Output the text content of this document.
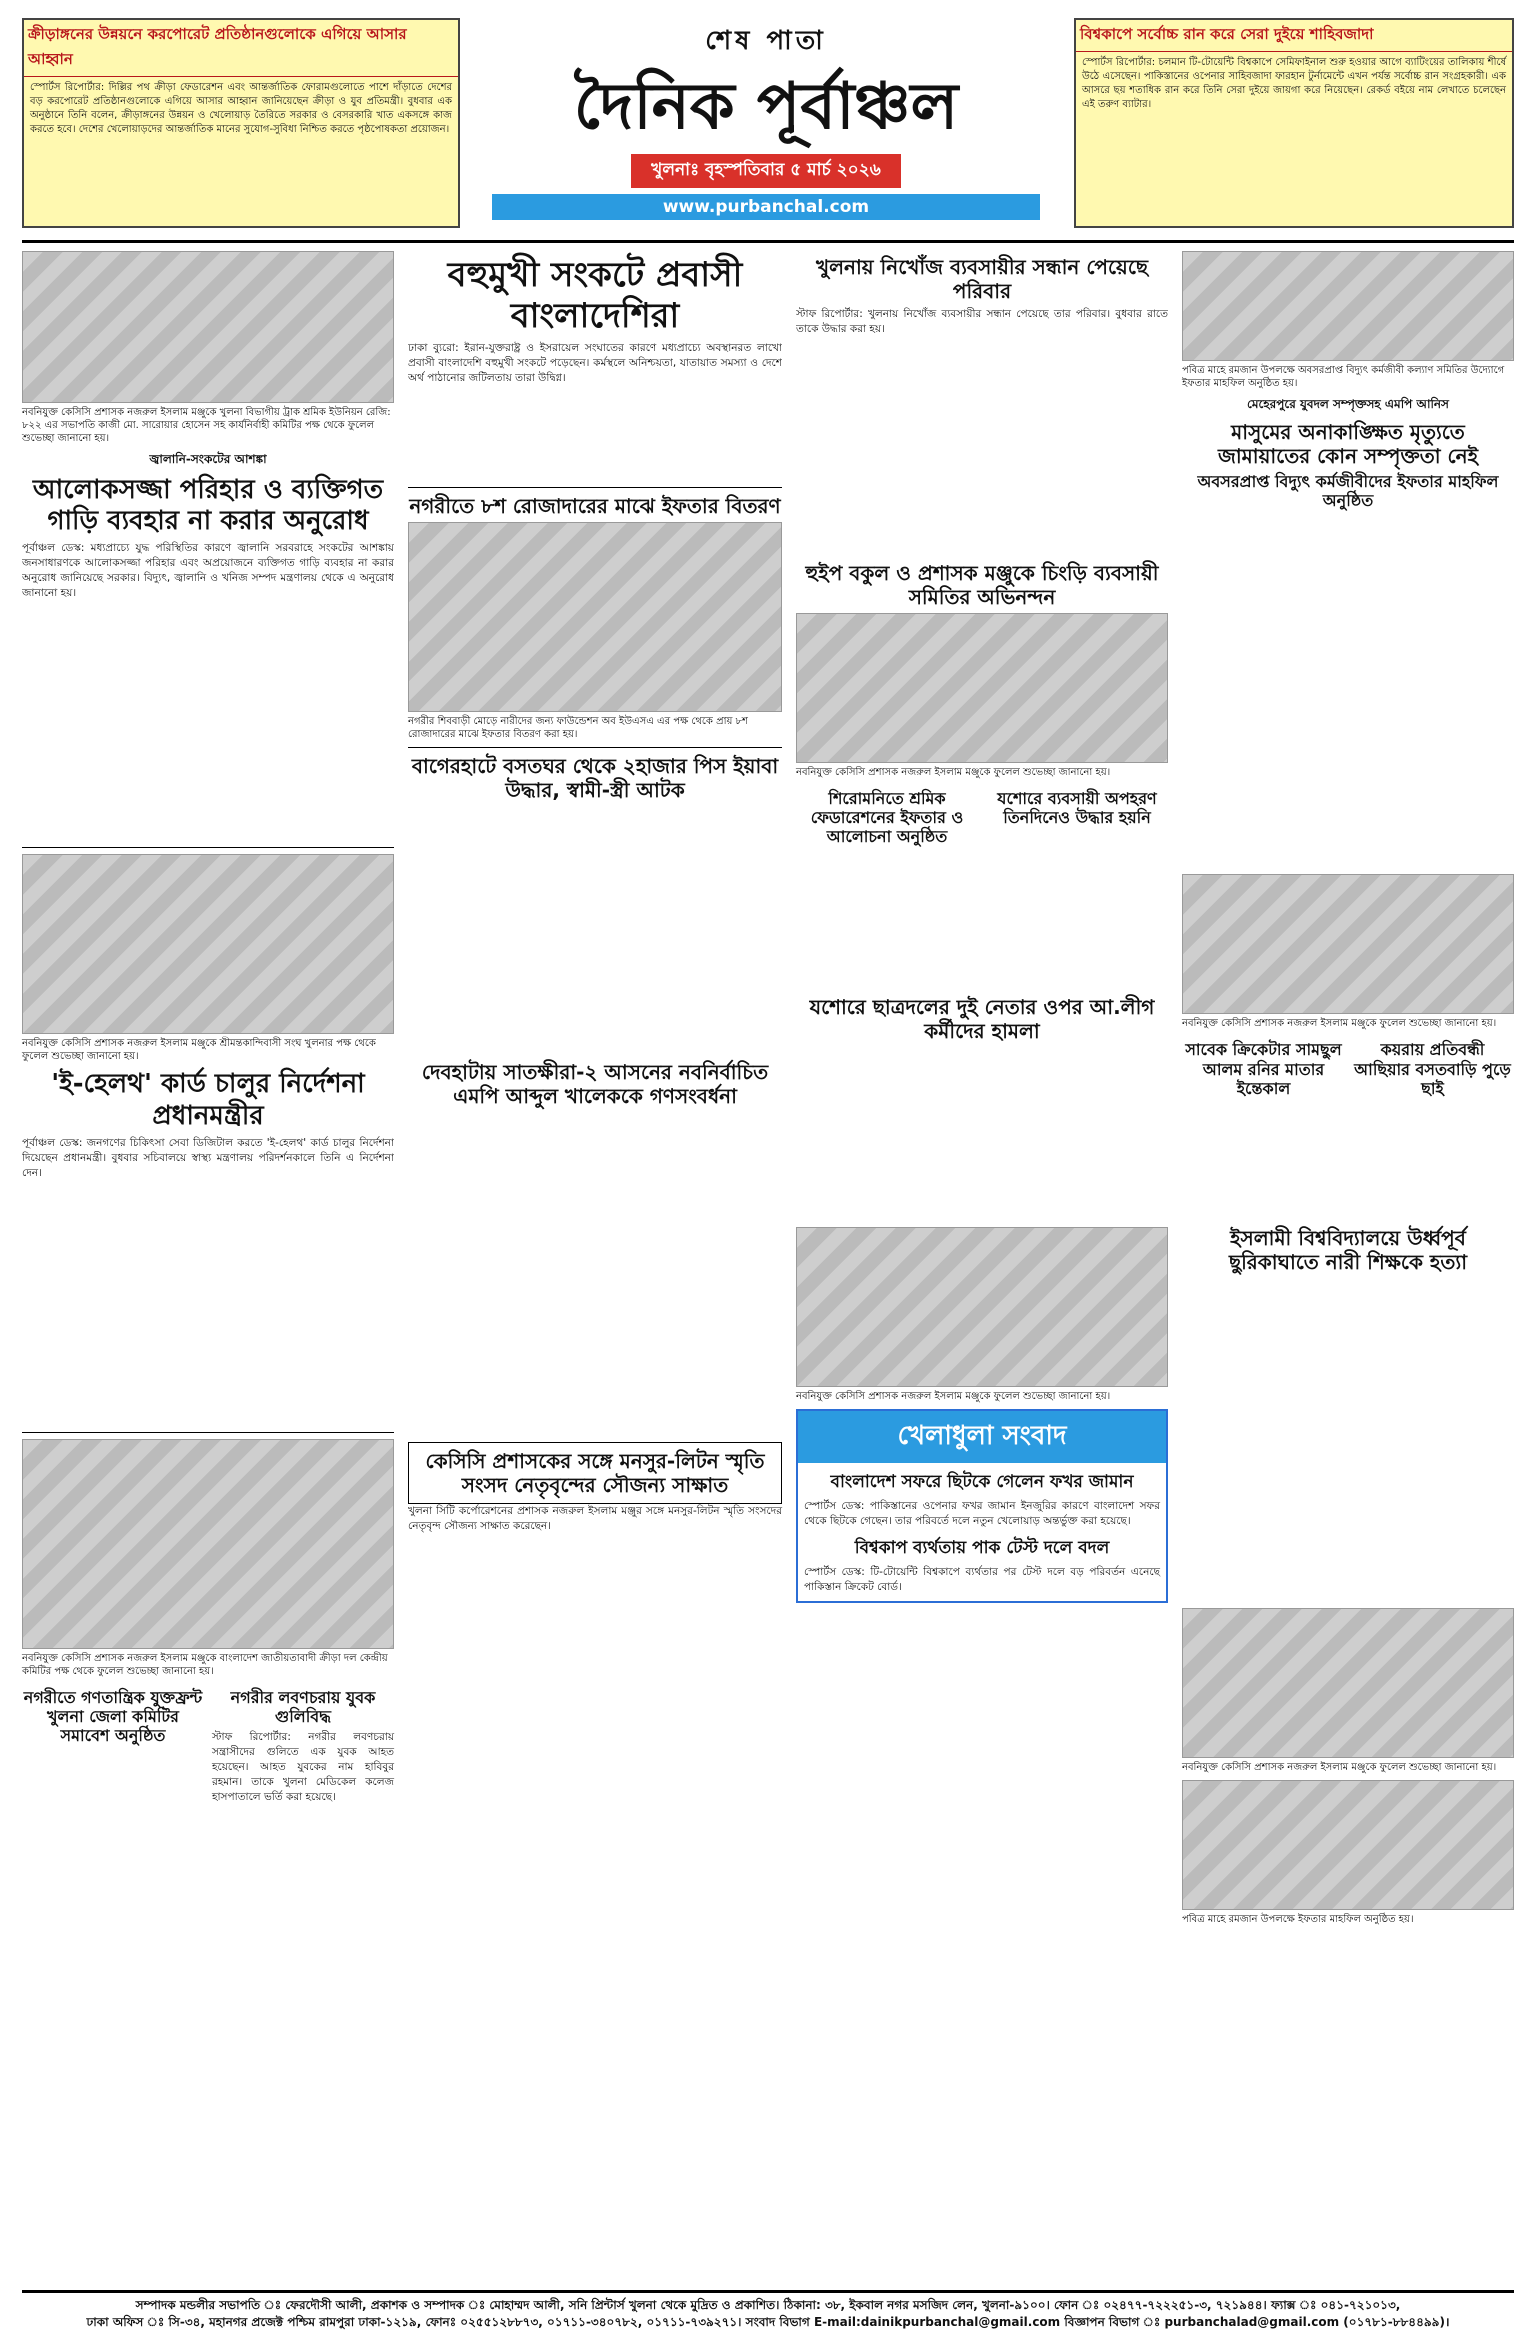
ক্রীড়াঙ্গনের উন্নয়নে করপোরেট প্রতিষ্ঠানগুলোকে এগিয়ে আসার আহ্বান
স্পোর্টস রিপোর্টার: দিল্লির পথ ক্রীড়া ফেডারেশন এবং আন্তর্জাতিক ফোরামগুলোতে পাশে দাঁড়াতে দেশের বড় করপোরেট প্রতিষ্ঠানগুলোকে এগিয়ে আসার আহ্বান জানিয়েছেন ক্রীড়া ও যুব প্রতিমন্ত্রী। বুধবার এক অনুষ্ঠানে তিনি বলেন, ক্রীড়াঙ্গনের উন্নয়ন ও খেলোয়াড় তৈরিতে সরকার ও বেসরকারি খাত একসঙ্গে কাজ করতে হবে। দেশের খেলোয়াড়দের আন্তর্জাতিক মানের সুযোগ-সুবিধা নিশ্চিত করতে পৃষ্ঠপোষকতা প্রয়োজন।
শেষ পাতা
দৈনিক পূর্বাঞ্চল
খুলনাঃ বৃহস্পতিবার ৫ মার্চ ২০২৬
www.purbanchal.com
বিশ্বকাপে সর্বোচ্চ রান করে সেরা দুইয়ে শাহিবজাদা
স্পোর্টস রিপোর্টার: চলমান টি-টোয়েন্টি বিশ্বকাপে সেমিফাইনাল শুরু হওয়ার আগে ব্যাটিংয়ের তালিকায় শীর্ষে উঠে এসেছেন। পাকিস্তানের ওপেনার সাহিবজাদা ফারহান টুর্নামেন্টে এখন পর্যন্ত সর্বোচ্চ রান সংগ্রহকারী। এক আসরে ছয় শতাধিক রান করে তিনি সেরা দুইয়ে জায়গা করে নিয়েছেন। রেকর্ড বইয়ে নাম লেখাতে চলেছেন এই তরুণ ব্যাটার।
নবনিযুক্ত কেসিসি প্রশাসক নজরুল ইসলাম মঞ্জুকে খুলনা বিভাগীয় ট্রাক শ্রমিক ইউনিয়ন রেজি: ৮২২ এর সভাপতি কাজী মো. সারোয়ার হোসেন সহ কার্যনির্বাহী কমিটির পক্ষ থেকে ফুলেল শুভেচ্ছা জানানো হয়।
জ্বালানি-সংকটের আশঙ্কা
আলোকসজ্জা পরিহার ও ব্যক্তিগত গাড়ি ব্যবহার না করার অনুরোধ
পূর্বাঞ্চল ডেস্ক: মধ্যপ্রাচ্যে যুদ্ধ পরিস্থিতির কারণে জ্বালানি সরবরাহে সংকটের আশঙ্কায় জনসাধারণকে আলোকসজ্জা পরিহার এবং অপ্রয়োজনে ব্যক্তিগত গাড়ি ব্যবহার না করার অনুরোধ জানিয়েছে সরকার। বিদ্যুৎ, জ্বালানি ও খনিজ সম্পদ মন্ত্রণালয় থেকে এ অনুরোধ জানানো হয়।
নবনিযুক্ত কেসিসি প্রশাসক নজরুল ইসলাম মঞ্জুকে শ্রীমন্তকান্দিবাসী সংঘ খুলনার পক্ষ থেকে ফুলেল শুভেচ্ছা জানানো হয়।
'ই-হেলথ' কার্ড চালুর নির্দেশনা প্রধানমন্ত্রীর
পূর্বাঞ্চল ডেস্ক: জনগণের চিকিৎসা সেবা ডিজিটাল করতে 'ই-হেলথ' কার্ড চালুর নির্দেশনা দিয়েছেন প্রধানমন্ত্রী। বুধবার সচিবালয়ে স্বাস্থ্য মন্ত্রণালয় পরিদর্শনকালে তিনি এ নির্দেশনা দেন।
নবনিযুক্ত কেসিসি প্রশাসক নজরুল ইসলাম মঞ্জুকে বাংলাদেশ জাতীয়তাবাদী ক্রীড়া দল কেন্দ্রীয় কমিটির পক্ষ থেকে ফুলেল শুভেচ্ছা জানানো হয়।
নগরীতে গণতান্ত্রিক যুক্তফ্রন্ট খুলনা জেলা কমিটির সমাবেশ অনুষ্ঠিত
নগরীর লবণচরায় যুবক গুলিবিদ্ধ
স্টাফ রিপোর্টার: নগরীর লবণচরায় সন্ত্রাসীদের গুলিতে এক যুবক আহত হয়েছেন। আহত যুবকের নাম হাবিবুর রহমান। তাকে খুলনা মেডিকেল কলেজ হাসপাতালে ভর্তি করা হয়েছে।
বহুমুখী সংকটে প্রবাসী বাংলাদেশিরা
ঢাকা ব্যুরো: ইরান-যুক্তরাষ্ট্র ও ইসরায়েল সংঘাতের কারণে মধ্যপ্রাচ্যে অবস্থানরত লাখো প্রবাসী বাংলাদেশি বহুমুখী সংকটে পড়েছেন। কর্মস্থলে অনিশ্চয়তা, যাতায়াত সমস্যা ও দেশে অর্থ পাঠানোর জটিলতায় তারা উদ্বিগ্ন।
নগরীতে ৮শ রোজাদারের মাঝে ইফতার বিতরণ
নগরীর শিববাড়ী মোড়ে নারীদের জন্য ফাউন্ডেশন অব ইউএসএ এর পক্ষ থেকে প্রায় ৮শ রোজাদারের মাঝে ইফতার বিতরণ করা হয়।
বাগেরহাটে বসতঘর থেকে ২হাজার পিস ইয়াবা উদ্ধার, স্বামী-স্ত্রী আটক
দেবহাটায় সাতক্ষীরা-২ আসনের নবনির্বাচিত এমপি আব্দুল খালেককে গণসংবর্ধনা
কেসিসি প্রশাসকের সঙ্গে মনসুর-লিটন স্মৃতি সংসদ নেতৃবৃন্দের সৌজন্য সাক্ষাত
খুলনা সিটি কর্পোরেশনের প্রশাসক নজরুল ইসলাম মঞ্জুর সঙ্গে মনসুর-লিটন স্মৃতি সংসদের নেতৃবৃন্দ সৌজন্য সাক্ষাত করেছেন।
খুলনায় নিখোঁজ ব্যবসায়ীর সন্ধান পেয়েছে পরিবার
স্টাফ রিপোর্টার: খুলনায় নিখোঁজ ব্যবসায়ীর সন্ধান পেয়েছে তার পরিবার। বুধবার রাতে তাকে উদ্ধার করা হয়।
হুইপ বকুল ও প্রশাসক মঞ্জুকে চিংড়ি ব্যবসায়ী সমিতির অভিনন্দন
নবনিযুক্ত কেসিসি প্রশাসক নজরুল ইসলাম মঞ্জুকে ফুলেল শুভেচ্ছা জানানো হয়।
শিরোমনিতে শ্রমিক ফেডারেশনের ইফতার ও আলোচনা অনুষ্ঠিত
যশোরে ব্যবসায়ী অপহরণ তিনদিনেও উদ্ধার হয়নি
যশোরে ছাত্রদলের দুই নেতার ওপর আ.লীগ কর্মীদের হামলা
নবনিযুক্ত কেসিসি প্রশাসক নজরুল ইসলাম মঞ্জুকে ফুলেল শুভেচ্ছা জানানো হয়।
খেলাধুলা সংবাদ
বাংলাদেশ সফরে ছিটকে গেলেন ফখর জামান
স্পোর্টস ডেস্ক: পাকিস্তানের ওপেনার ফখর জামান ইনজুরির কারণে বাংলাদেশ সফর থেকে ছিটকে গেছেন। তার পরিবর্তে দলে নতুন খেলোয়াড় অন্তর্ভুক্ত করা হয়েছে।
বিশ্বকাপ ব্যর্থতায় পাক টেস্ট দলে বদল
স্পোর্টস ডেস্ক: টি-টোয়েন্টি বিশ্বকাপে ব্যর্থতার পর টেস্ট দলে বড় পরিবর্তন এনেছে পাকিস্তান ক্রিকেট বোর্ড।
পবিত্র মাহে রমজান উপলক্ষে অবসরপ্রাপ্ত বিদ্যুৎ কর্মজীবী কল্যাণ সমিতির উদ্যোগে ইফতার মাহফিল অনুষ্ঠিত হয়।
মেহেরপুরে যুবদল সম্পৃক্তসহ এমপি আনিস
মাসুমের অনাকাঙ্ক্ষিত মৃত্যুতে জামায়াতের কোন সম্পৃক্ততা নেই
অবসরপ্রাপ্ত বিদ্যুৎ কর্মজীবীদের ইফতার মাহফিল অনুষ্ঠিত
নবনিযুক্ত কেসিসি প্রশাসক নজরুল ইসলাম মঞ্জুকে ফুলেল শুভেচ্ছা জানানো হয়।
সাবেক ক্রিকেটার সামছুল আলম রনির মাতার ইন্তেকাল
কয়রায় প্রতিবন্ধী আছিয়ার বসতবাড়ি পুড়ে ছাই
ইসলামী বিশ্ববিদ্যালয়ে উর্ধ্বপূর্ব ছুরিকাঘাতে নারী শিক্ষকে হত্যা
নবনিযুক্ত কেসিসি প্রশাসক নজরুল ইসলাম মঞ্জুকে ফুলেল শুভেচ্ছা জানানো হয়।
পবিত্র মাহে রমজান উপলক্ষে ইফতার মাহফিল অনুষ্ঠিত হয়।
সম্পাদক মন্ডলীর সভাপতি ঃ ফেরদৌসী আলী, প্রকাশক ও সম্পাদক ঃ মোহাম্মদ আলী, সনি প্রিন্টার্স খুলনা থেকে মুদ্রিত ও প্রকাশিত। ঠিকানা: ৩৮, ইকবাল নগর মসজিদ লেন, খুলনা-৯১০০। ফোন ঃ ০২৪৭৭-৭২২২৫১-৩, ৭২১৯৪৪। ফ্যাক্স ঃ ০৪১-৭২১০১৩,
ঢাকা অফিস ঃ সি-৩৪, মহানগর প্রজেক্ট পশ্চিম রামপুরা ঢাকা-১২১৯, ফোনঃ ০২৫৫১২৮৮৭৩, ০১৭১১-৩৪০৭৮২, ০১৭১১-৭৩৯২৭১। সংবাদ বিভাগ E-mail:dainikpurbanchal@gmail.com বিজ্ঞাপন বিভাগ ঃ purbanchalad@gmail.com (০১৭৮১-৮৮৪৪৯৯)।
